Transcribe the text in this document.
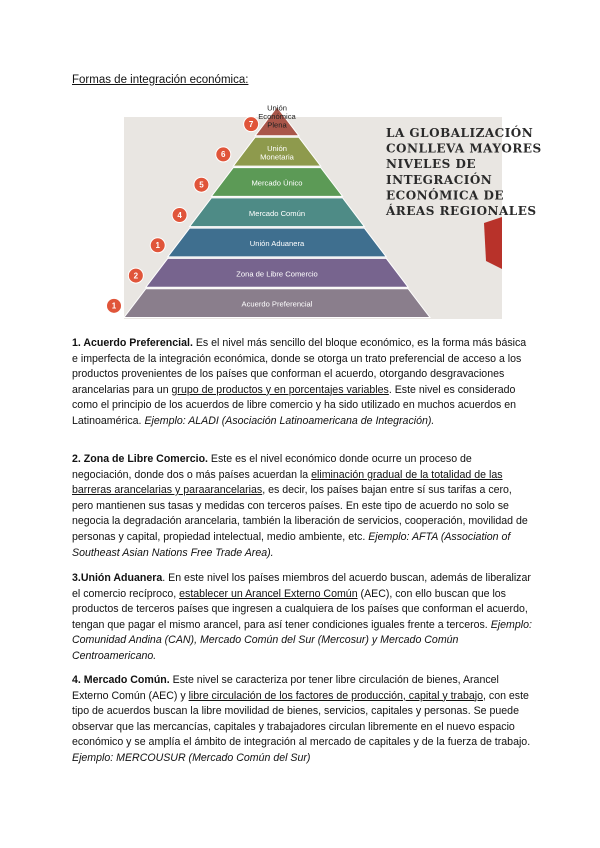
Formas de integración económica:
LA GLOBALIZACIÓN
CONLLEVA MAYORES
NIVELES DE
INTEGRACIÓN
ECONÓMICA DE
ÁREAS REGIONALES
Unión
Económica
Plena
7
Unión
Monetaria
6
Mercado Único
5
Mercado Común
4
Unión Aduanera
1
Zona de Libre Comercio
2
Acuerdo Preferencial
1

1. Acuerdo Preferencial. Es el nivel más sencillo del bloque económico, es la forma más básica e imperfecta de la integración económica, donde se otorga un trato preferencial de acceso a los productos provenientes de los países que conforman el acuerdo, otorgando desgravaciones arancelarias para un grupo de productos y en porcentajes variables. Este nivel es considerado como el principio de los acuerdos de libre comercio y ha sido utilizado en muchos acuerdos en Latinoamérica. Ejemplo: ALADI (Asociación Latinoamericana de Integración).

2. Zona de Libre Comercio. Este es el nivel económico donde ocurre un proceso de negociación, donde dos o más países acuerdan la eliminación gradual de la totalidad de las barreras arancelarias y paraarancelarias, es decir, los países bajan entre sí sus tarifas a cero, pero mantienen sus tasas y medidas con terceros países. En este tipo de acuerdo no solo se negocia la degradación arancelaria, también la liberación de servicios, cooperación, movilidad de personas y capital, propiedad intelectual, medio ambiente, etc. Ejemplo: AFTA (Association of Southeast Asian Nations Free Trade Area).

3.Unión Aduanera. En este nivel los países miembros del acuerdo buscan, además de liberalizar el comercio recíproco, establecer un Arancel Externo Común (AEC), con ello buscan que los productos de terceros países que ingresen a cualquiera de los países que conforman el acuerdo, tengan que pagar el mismo arancel, para así tener condiciones iguales frente a terceros. Ejemplo: Comunidad Andina (CAN), Mercado Común del Sur (Mercosur) y Mercado Común Centroamericano.

4. Mercado Común. Este nivel se caracteriza por tener libre circulación de bienes, Arancel Externo Común (AEC) y libre circulación de los factores de producción, capital y trabajo, con este tipo de acuerdos buscan la libre movilidad de bienes, servicios, capitales y personas. Se puede observar que las mercancías, capitales y trabajadores circulan libremente en el nuevo espacio económico y se amplía el ámbito de integración al mercado de capitales y de la fuerza de trabajo. Ejemplo: MERCOUSUR (Mercado Común del Sur)
